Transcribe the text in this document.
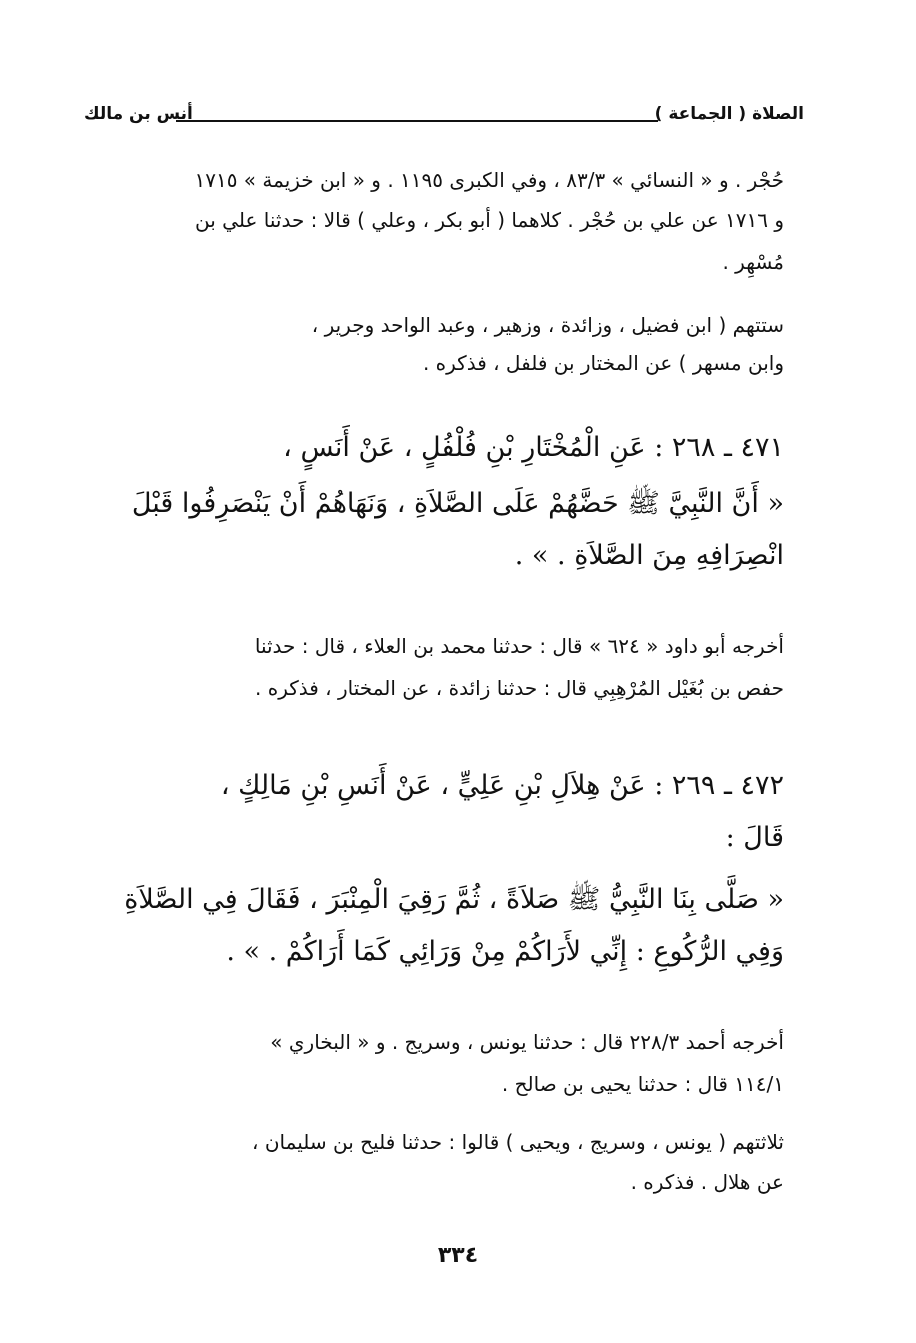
الصلاة ( الجماعة )
أنس بن مالك
حُجْر . و « النسائي » ٨٣/٣ ، وفي الكبرى ١١٩٥ . و « ابن خزيمة » ١٧١٥
و ١٧١٦ عن علي بن حُجْر . كلاهما ( أبو بكر ، وعلي ) قالا : حدثنا علي بن
مُسْهِر .
ستتهم ( ابن فضيل ، وزائدة ، وزهير ، وعبد الواحد وجرير ،
وابن مسهر ) عن المختار بن فلفل ، فذكره .
٤٧١ ـ ٢٦٨ : عَنِ الْمُخْتَارِ بْنِ فُلْفُلٍ ، عَنْ أَنَسٍ ،
« أَنَّ النَّبِيَّ ﷺ حَضَّهُمْ عَلَى الصَّلاَةِ ، وَنَهَاهُمْ أَنْ يَنْصَرِفُوا قَبْلَ
انْصِرَافِهِ مِنَ الصَّلاَةِ . » .
أخرجه أبو داود « ٦٢٤ » قال : حدثنا محمد بن العلاء ، قال : حدثنا
حفص بن بُغَيْل المُرْهِبِي قال : حدثنا زائدة ، عن المختار ، فذكره .
٤٧٢ ـ ٢٦٩ : عَنْ هِلاَلِ بْنِ عَلِيٍّ ، عَنْ أَنَسِ بْنِ مَالِكٍ ،
قَالَ :
« صَلَّى بِنَا النَّبِيُّ ﷺ صَلاَةً ، ثُمَّ رَقِيَ الْمِنْبَرَ ، فَقَالَ فِي الصَّلاَةِ
وَفِي الرُّكُوعِ : إِنِّي لأَرَاكُمْ مِنْ وَرَائِي كَمَا أَرَاكُمْ . » .
أخرجه أحمد ٢٢٨/٣ قال : حدثنا يونس ، وسريج . و « البخاري »
١١٤/١ قال : حدثنا يحيى بن صالح .
ثلاثتهم ( يونس ، وسريج ، ويحيى ) قالوا : حدثنا فليح بن سليمان ،
عن هلال . فذكره .
٣٣٤
